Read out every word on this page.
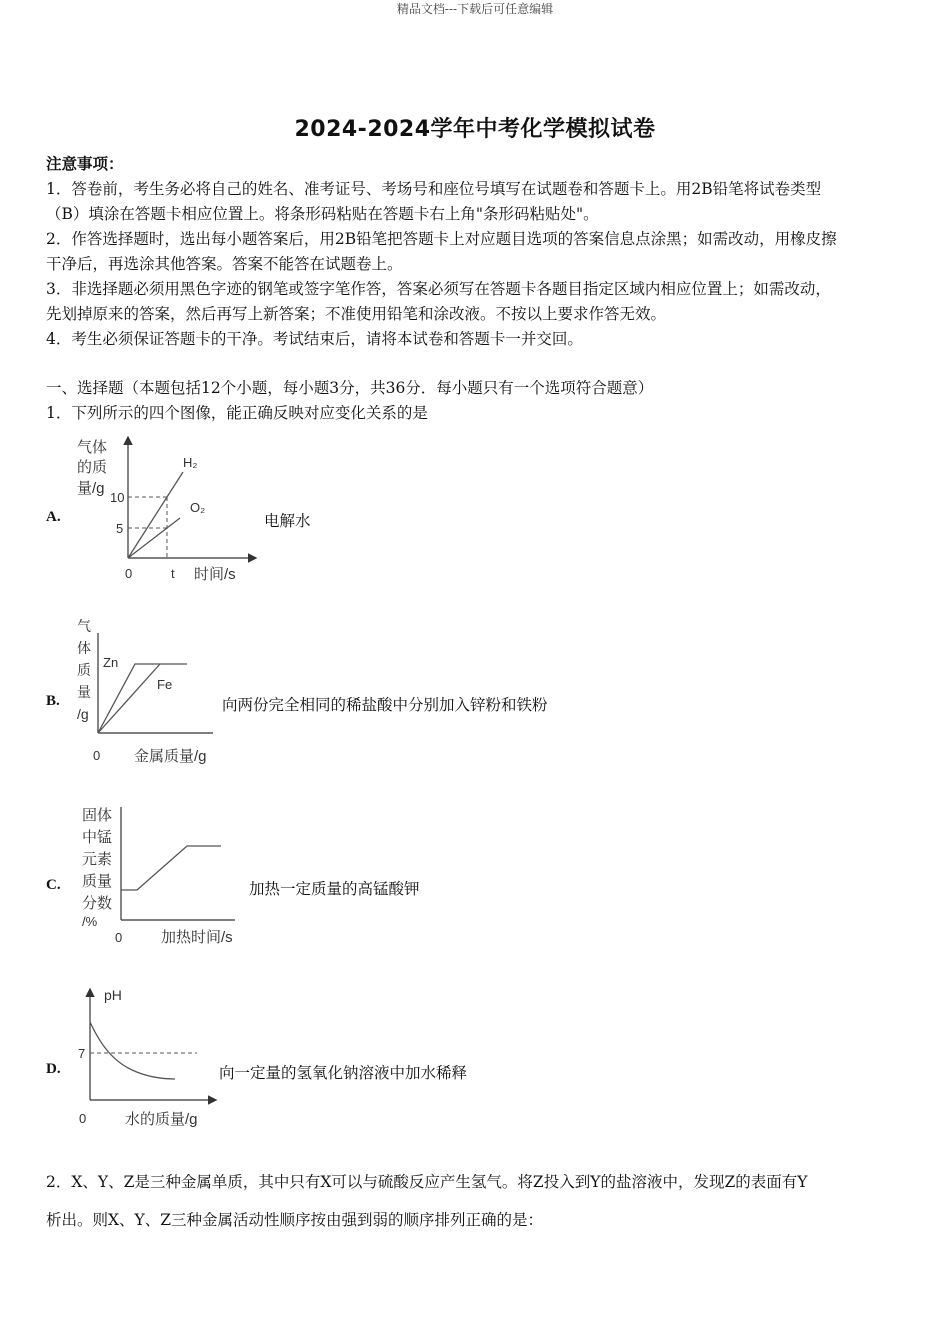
精品文档---下载后可任意编辑
2024-2024学年中考化学模拟试卷
注意事项：
1．答卷前，考生务必将自己的姓名、准考证号、考场号和座位号填写在试题卷和答题卡上。用2B铅笔将试卷类型
（B）填涂在答题卡相应位置上。将条形码粘贴在答题卡右上角"条形码粘贴处"。
2．作答选择题时，选出每小题答案后，用2B铅笔把答题卡上对应题目选项的答案信息点涂黑；如需改动，用橡皮擦
干净后，再选涂其他答案。答案不能答在试题卷上。
3．非选择题必须用黑色字迹的钢笔或签字笔作答，答案必须写在答题卡各题目指定区域内相应位置上；如需改动，
先划掉原来的答案，然后再写上新答案；不准使用铅笔和涂改液。不按以上要求作答无效。
4．考生必须保证答题卡的干净。考试结束后，请将本试卷和答题卡一并交回。
一、选择题（本题包括12个小题，每小题3分，共36分．每小题只有一个选项符合题意）
1．下列所示的四个图像，能正确反映对应变化关系的是
A.
气体
的质
量/g
10
5
0	t 时间/s
H₂
O₂
电解水
B.
气
体
质
量
/g
Zn
Fe
0 金属质量/g
向两份完全相同的稀盐酸中分别加入锌粉和铁粉
C.
固体
中锰
元素
质量
分数
/%
0	加热时间/s
加热一定质量的高锰酸钾
D.
pH
7
0	水的质量/g
向一定量的氢氧化钠溶液中加水稀释
2．X、Y、Z是三种金属单质，其中只有X可以与硫酸反应产生氢气。将Z投入到Y的盐溶液中，发现Z的表面有Y
析出。则X、Y、Z三种金属活动性顺序按由强到弱的顺序排列正确的是：
